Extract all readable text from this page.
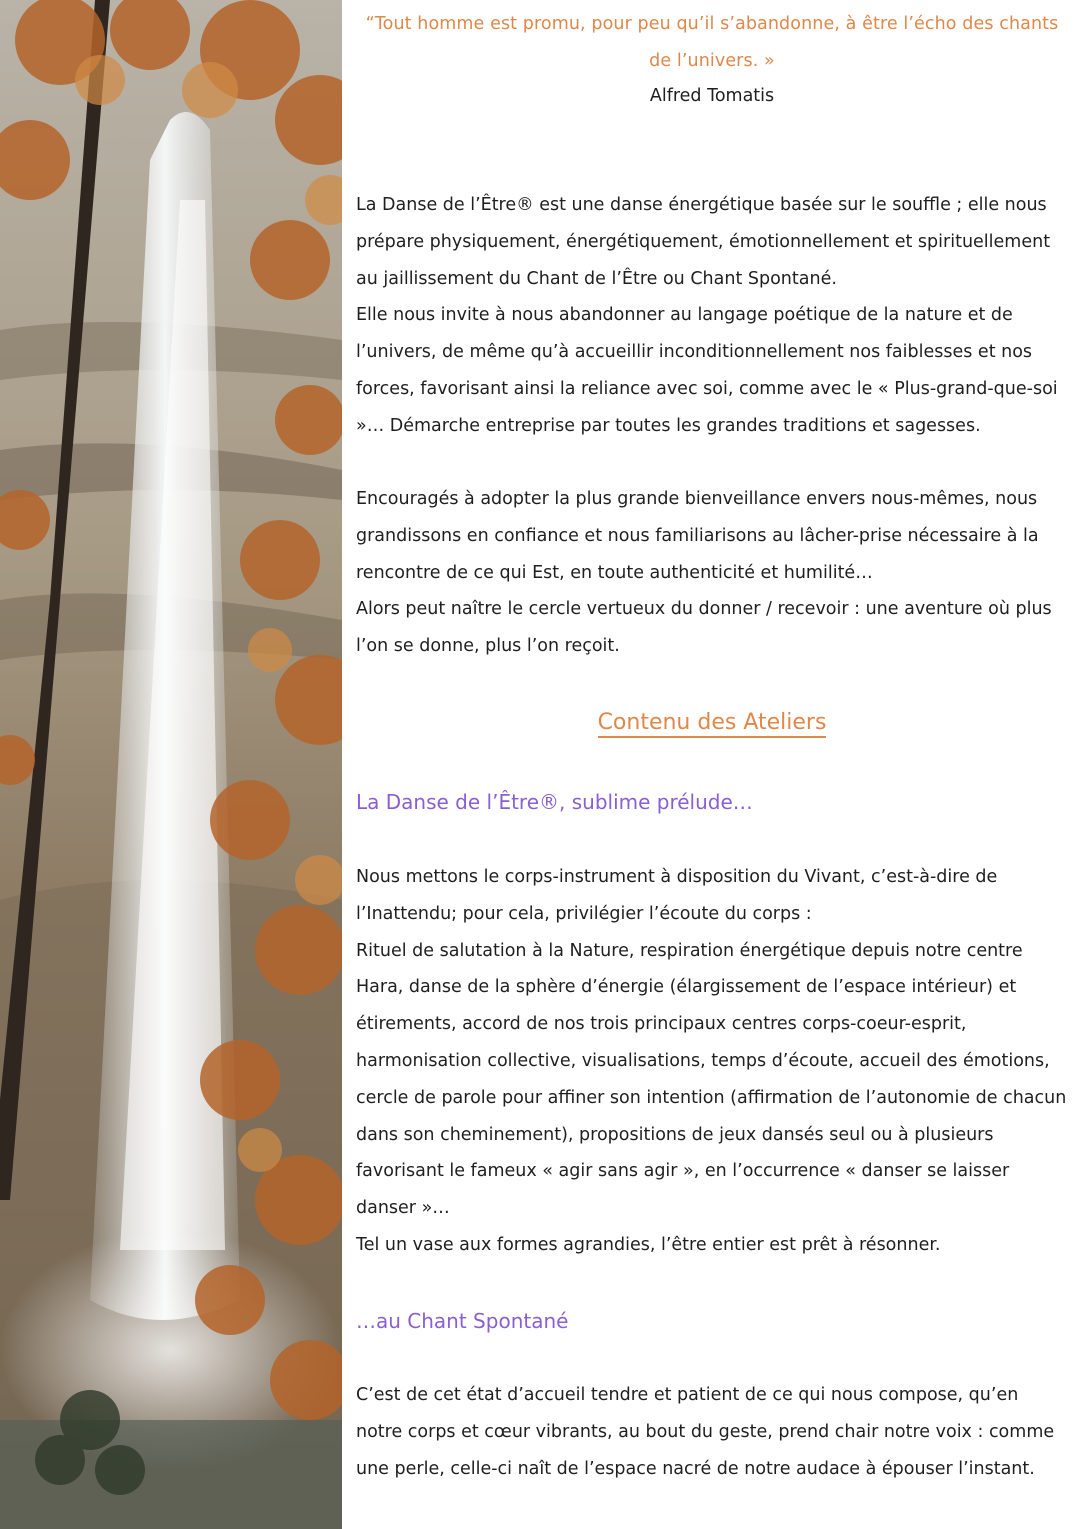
“Tout homme est promu, pour peu qu’il s’abandonne, à être l’écho des chants
de l’univers. »
Alfred Tomatis

La Danse de l’Être® est une danse énergétique basée sur le souffle ; elle nous prépare physiquement, énergétiquement, émotionnellement et spirituellement au jaillissement du Chant de l’Être ou Chant Spontané.

Elle nous invite à nous abandonner au langage poétique de la nature et de l’univers, de même qu’à accueillir inconditionnellement nos faiblesses et nos forces, favorisant ainsi la reliance avec soi, comme avec le « Plus-grand-que-soi »… Démarche entreprise par toutes les grandes traditions et sagesses.

Encouragés à adopter la plus grande bienveillance envers nous-mêmes, nous grandissons en confiance et nous familiarisons au lâcher-prise nécessaire à la rencontre de ce qui Est, en toute authenticité et humilité…

Alors peut naître le cercle vertueux du donner / recevoir : une aventure où plus l’on se donne, plus l’on reçoit.

Contenu des Ateliers
La Danse de l’Être®, sublime prélude…

Nous mettons le corps-instrument à disposition du Vivant, c’est-à-dire de l’Inattendu; pour cela, privilégier l’écoute du corps :

Rituel de salutation à la Nature, respiration énergétique depuis notre centre Hara, danse de la sphère d’énergie (élargissement de l’espace intérieur) et étirements, accord de nos trois principaux centres corps-coeur-esprit, harmonisation collective, visualisations, temps d’écoute, accueil des émotions, cercle de parole pour affiner son intention (affirmation de l’autonomie de chacun dans son cheminement), propositions de jeux dansés seul ou à plusieurs favorisant le fameux « agir sans agir », en l’occurrence « danser se laisser danser »…

Tel un vase aux formes agrandies, l’être entier est prêt à résonner.

…au Chant Spontané

C’est de cet état d’accueil tendre et patient de ce qui nous compose, qu’en notre corps et cœur vibrants, au bout du geste, prend chair notre voix : comme une perle, celle-ci naît de l’espace nacré de notre audace à épouser l’instant.
